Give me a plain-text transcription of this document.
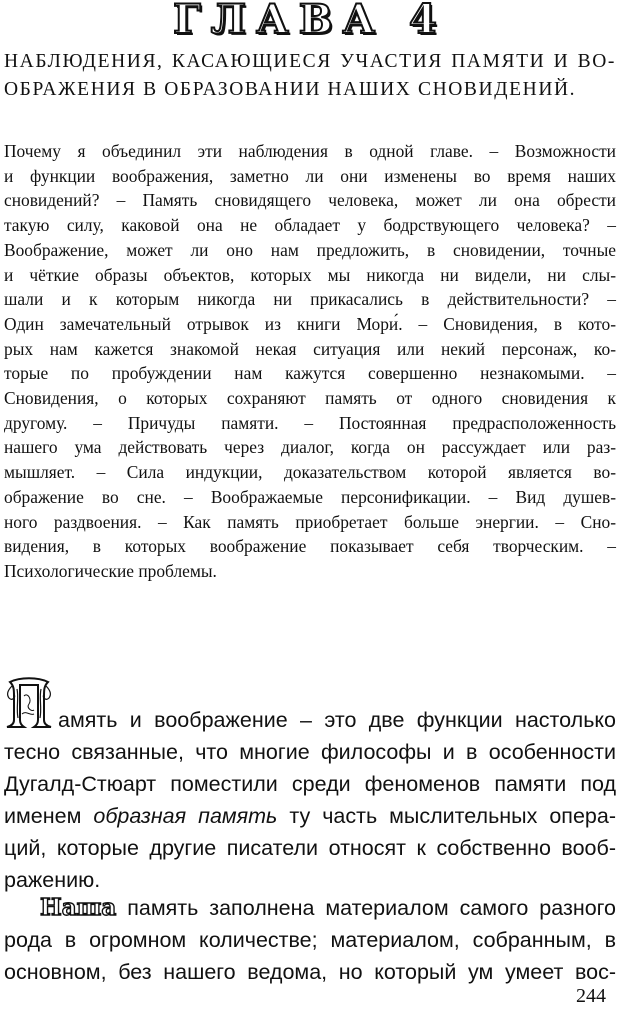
ГЛАВА 4
НАБЛЮДЕНИЯ, КАСАЮЩИЕСЯ УЧАСТИЯ ПАМЯТИ И ВО-
ОБРАЖЕНИЯ В ОБРАЗОВАНИИ НАШИХ СНОВИДЕНИЙ.
Почему я объединил эти наблюдения в одной главе. – Возможности
и функции воображения, заметно ли они изменены во время наших
сновидений? – Память сновидящего человека, может ли она обрести
такую силу, каковой она не обладает у бодрствующего человека? –
Воображение, может ли оно нам предложить, в сновидении, точные
и чёткие образы объектов, которых мы никогда ни видели, ни слы-
шали и к которым никогда ни прикасались в действительности? –
Один замечательный отрывок из книги Мори́. – Сновидения, в кото-
рых нам кажется знакомой некая ситуация или некий персонаж, ко-
торые по пробуждении нам кажутся совершенно незнакомыми. –
Сновидения, о которых сохраняют память от одного сновидения к
другому. – Причуды памяти. – Постоянная предрасположенность
нашего ума действовать через диалог, когда он рассуждает или раз-
мышляет. – Сила индукции, доказательством которой является во-
ображение во сне. – Воображаемые персонификации. – Вид душев-
ного раздвоения. – Как память приобретает больше энергии. – Сно-
видения, в которых воображение показывает себя творческим. –
Психологические проблемы.
амять и воображение – это две функции настолько
тесно связанные, что многие философы и в особенности
Дугалд-Стюарт поместили среди феноменов памяти под
именем образная память ту часть мыслительных опера-
ций, которые другие писатели относят к собственно вооб-
ражению.
Наша память заполнена материалом самого разного
рода в огромном количестве; материалом, собранным, в
основном, без нашего ведома, но который ум умеет вос-
244
